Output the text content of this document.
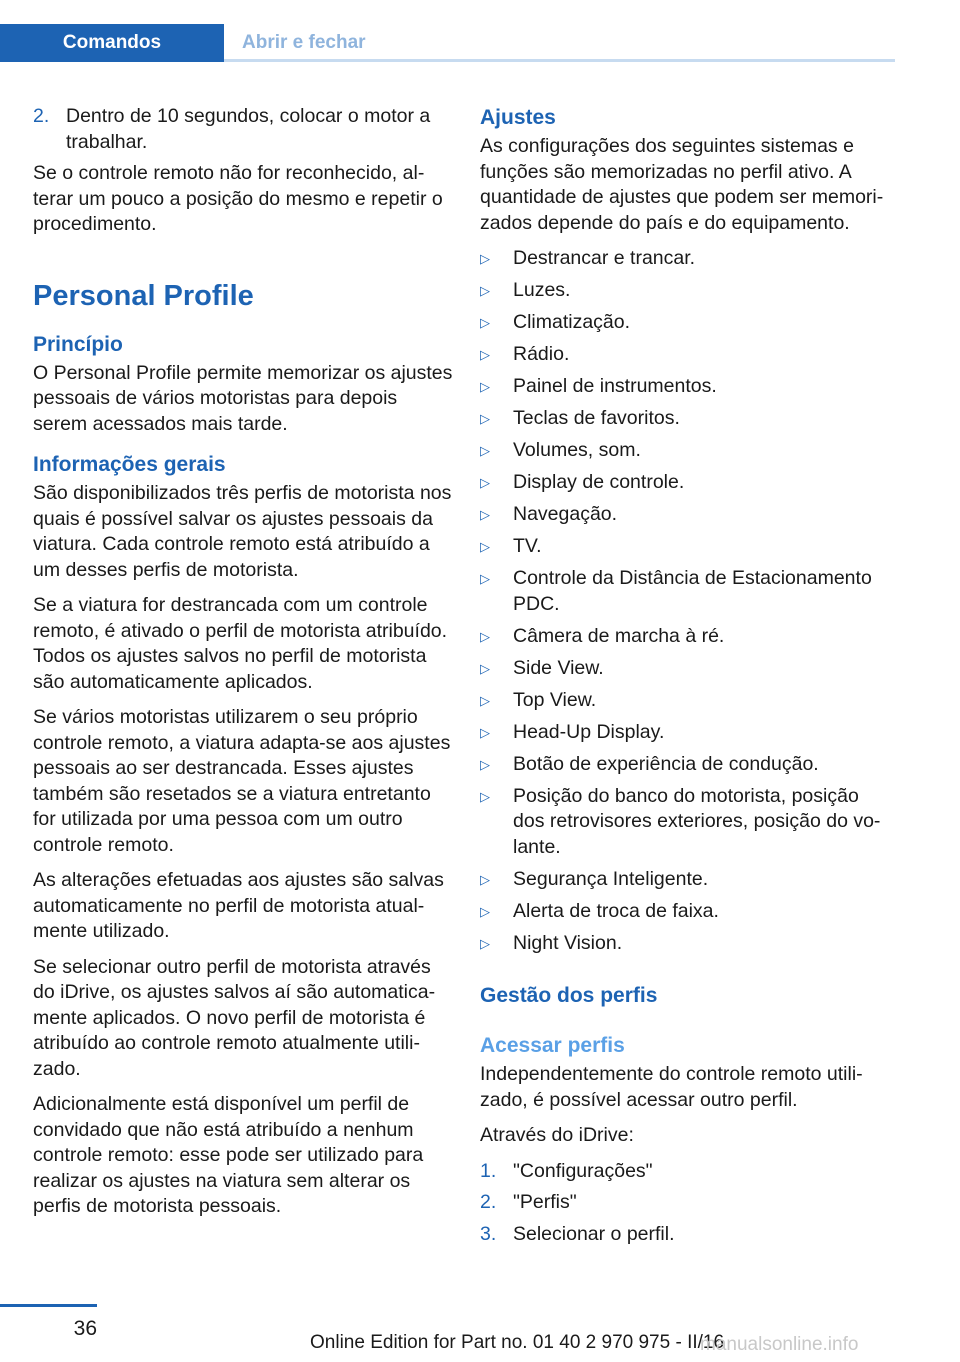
Comandos	Abrir e fechar
2. Dentro de 10 segundos, colocar o motor a trabalhar.

Se o controle remoto não for reconhecido, alterar um pouco a posição do mesmo e repetir o procedimento.

Personal Profile
Princípio

O Personal Profile permite memorizar os ajustes pessoais de vários motoristas para depois serem acessados mais tarde.

Informações gerais

São disponibilizados três perfis de motorista nos quais é possível salvar os ajustes pessoais da viatura. Cada controle remoto está atribuído a um desses perfis de motorista.

Se a viatura for destrancada com um controle remoto, é ativado o perfil de motorista atribuído. Todos os ajustes salvos no perfil de motorista são automaticamente aplicados.

Se vários motoristas utilizarem o seu próprio controle remoto, a viatura adapta-se aos ajustes pessoais ao ser destrancada. Esses ajustes também são resetados se a viatura entretanto for utilizada por uma pessoa com um outro controle remoto.

As alterações efetuadas aos ajustes são salvas automaticamente no perfil de motorista atualmente utilizado.

Se selecionar outro perfil de motorista através do iDrive, os ajustes salvos aí são automaticamente aplicados. O novo perfil de motorista é atribuído ao controle remoto atualmente utilizado.

Adicionalmente está disponível um perfil de convidado que não está atribuído a nenhum controle remoto: esse pode ser utilizado para realizar os ajustes na viatura sem alterar os perfis de motorista pessoais.

Ajustes

As configurações dos seguintes sistemas e funções são memorizadas no perfil ativo. A quantidade de ajustes que podem ser memorizados depende do país e do equipamento.

▷	Destrancar e trancar.
▷	Luzes.
▷	Climatização.
▷	Rádio.
▷	Painel de instrumentos.
▷	Teclas de favoritos.
▷	Volumes, som.
▷	Display de controle.
▷	Navegação.
▷	TV.
▷	Controle da Distância de Estacionamento PDC.
▷	Câmera de marcha à ré.
▷	Side View.
▷	Top View.
▷	Head-Up Display.
▷	Botão de experiência de condução.
▷	Posição do banco do motorista, posição dos retrovisores exteriores, posição do volante.
▷	Segurança Inteligente.
▷	Alerta de troca de faixa.
▷	Night Vision.
Gestão dos perfis
Acessar perfis

Independentemente do controle remoto utilizado, é possível acessar outro perfil.

Através do iDrive:

1. "Configurações"
2. "Perfis"
3. Selecionar o perfil.
36
Online Edition for Part no. 01 40 2 970 975 - II/16
manualsonline.info
